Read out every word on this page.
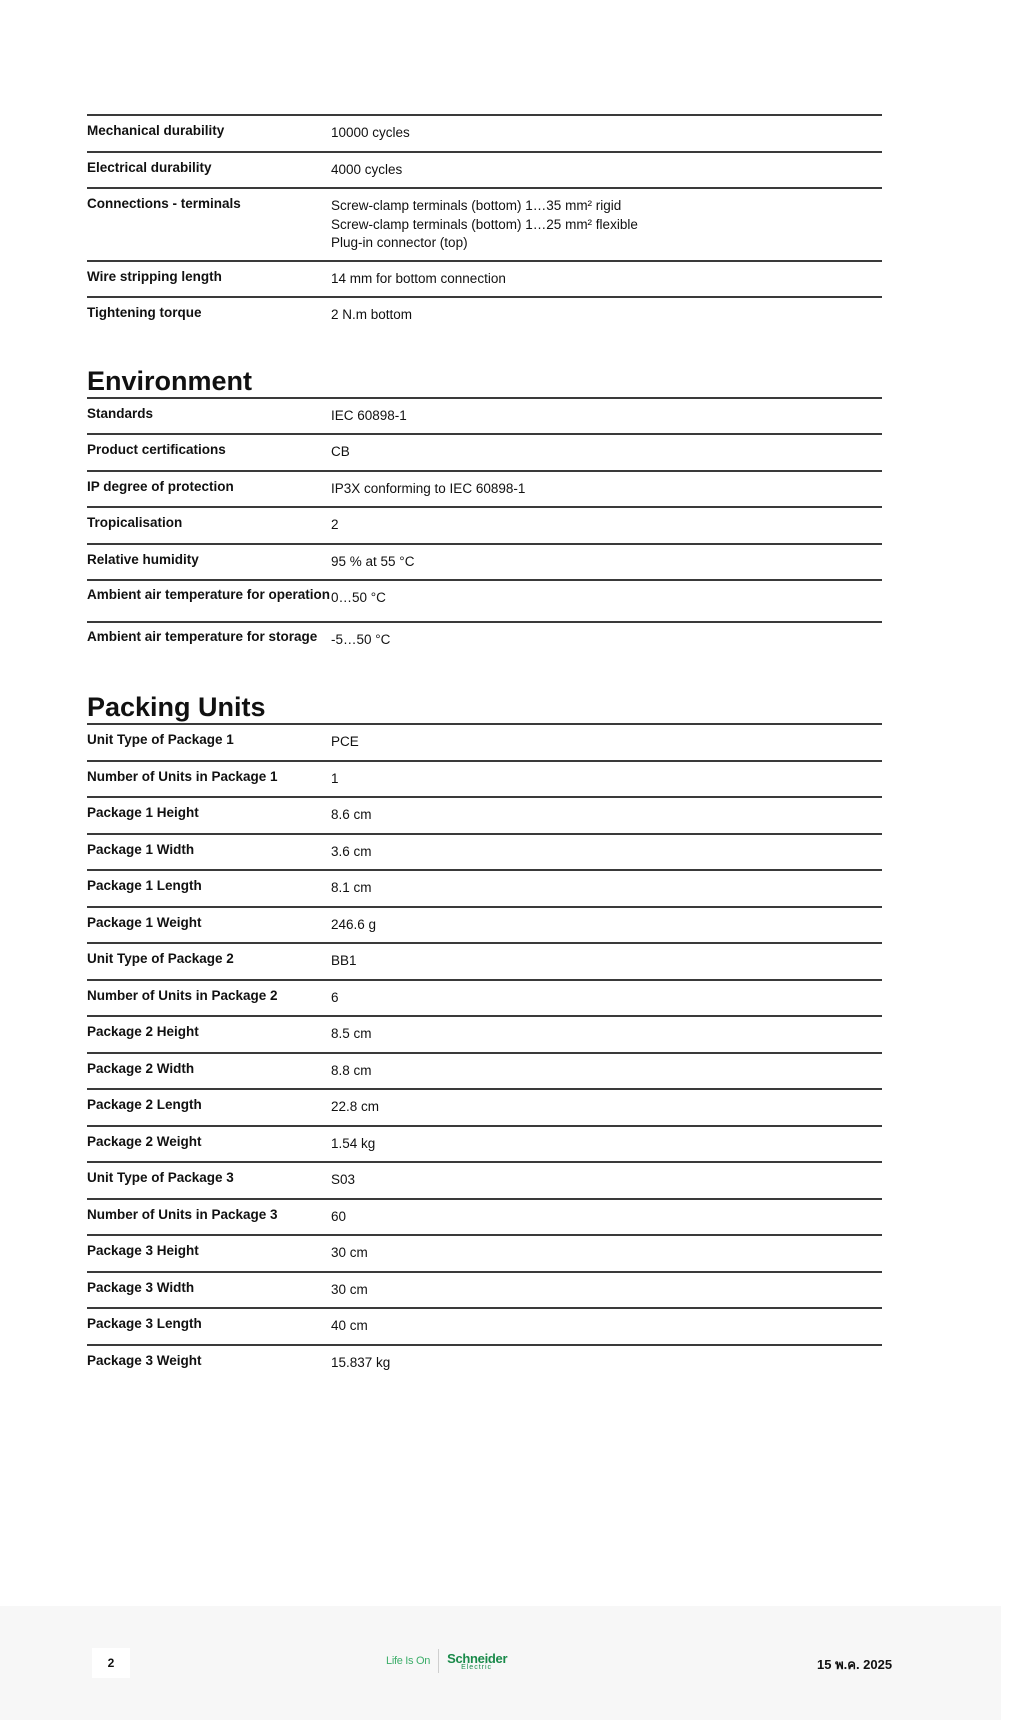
Mechanical durability	10000 cycles
Electrical durability	4000 cycles
Connections - terminals	Screw-clamp terminals (bottom) 1…35 mm² rigid
Screw-clamp terminals (bottom) 1…25 mm² flexible
Plug-in connector (top)
Wire stripping length	14 mm for bottom connection
Tightening torque	2 N.m bottom
Environment
Standards	IEC 60898-1
Product certifications	CB
IP degree of protection	IP3X conforming to IEC 60898-1
Tropicalisation	2
Relative humidity	95 % at 55 °C
Ambient air temperature for operation 0…50 °C
Ambient air temperature for storage	-5…50 °C
Packing Units
Unit Type of Package 1	PCE
Number of Units in Package 1	1
Package 1 Height	8.6 cm
Package 1 Width	3.6 cm
Package 1 Length	8.1 cm
Package 1 Weight	246.6 g
Unit Type of Package 2	BB1
Number of Units in Package 2	6
Package 2 Height	8.5 cm
Package 2 Width	8.8 cm
Package 2 Length	22.8 cm
Package 2 Weight	1.54 kg
Unit Type of Package 3	S03
Number of Units in Package 3	60
Package 3 Height	30 cm
Package 3 Width	30 cm
Package 3 Length	40 cm
Package 3 Weight	15.837 kg
2	Life Is On Schneider
Electric	15 พ.ค. 2025
